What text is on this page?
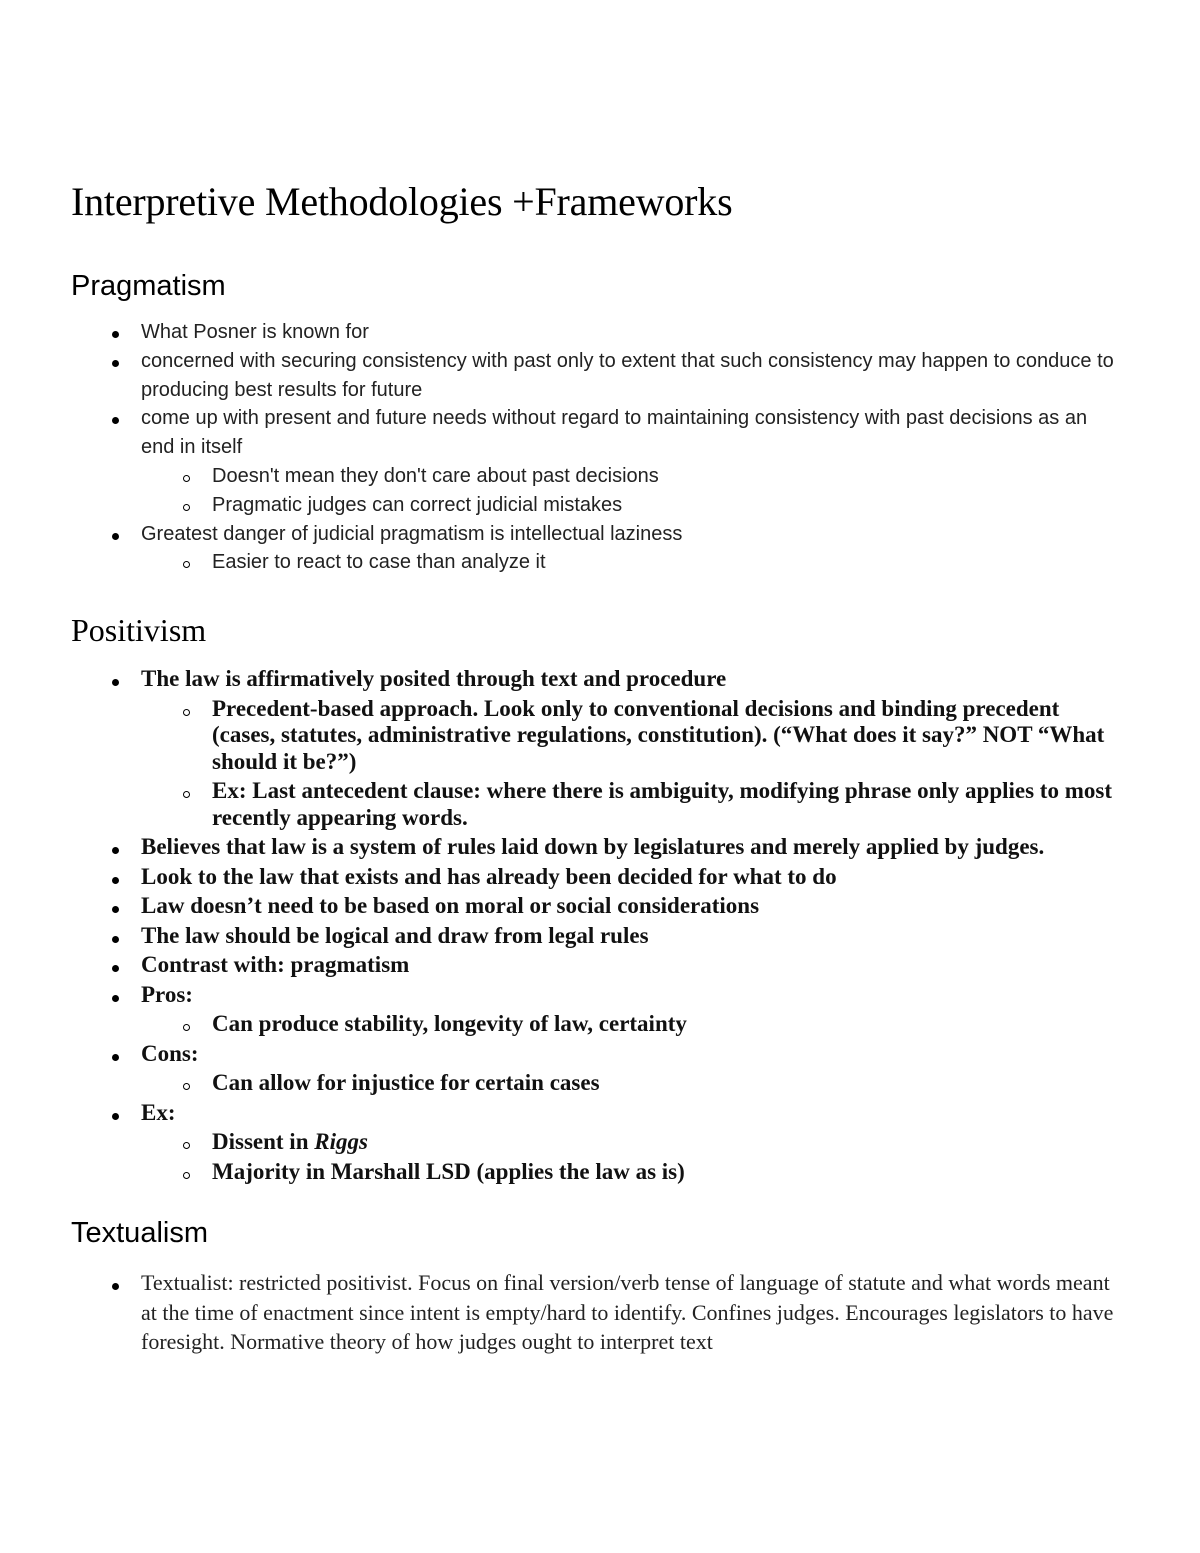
Interpretive Methodologies +Frameworks
Pragmatism
What Posner is known for
concerned with securing consistency with past only to extent that such consistency may happen to conduce to producing best results for future
come up with present and future needs without regard to maintaining consistency with past decisions as an end in itself
Doesn't mean they don't care about past decisions
Pragmatic judges can correct judicial mistakes
Greatest danger of judicial pragmatism is intellectual laziness
Easier to react to case than analyze it
Positivism
The law is affirmatively posited through text and procedure
Precedent-based approach. Look only to conventional decisions and binding precedent (cases, statutes, administrative regulations, constitution). (“What does it say?” NOT “What should it be?”)
Ex: Last antecedent clause: where there is ambiguity, modifying phrase only applies to most recently appearing words.
Believes that law is a system of rules laid down by legislatures and merely applied by judges.
Look to the law that exists and has already been decided for what to do
Law doesn’t need to be based on moral or social considerations
The law should be logical and draw from legal rules
Contrast with: pragmatism
Pros:
Can produce stability, longevity of law, certainty
Cons:
Can allow for injustice for certain cases
Ex:
Dissent in Riggs
Majority in Marshall LSD (applies the law as is)
Textualism
Textualist: restricted positivist. Focus on final version/verb tense of language of statute and what words meant at the time of enactment since intent is empty/hard to identify. Confines judges. Encourages legislators to have foresight. Normative theory of how judges ought to interpret text
